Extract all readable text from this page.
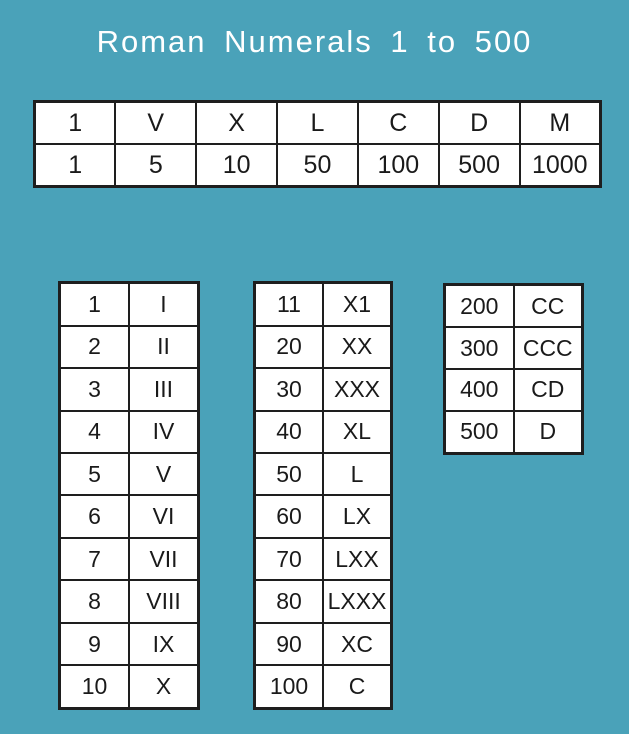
Roman Numerals 1 to 500
1	V	X	L	C	D	M
1	5	10	50	100	500	1000
1	I
2	II
3	III
4	IV
5	V
6	VI
7	VII
8	VIII
9	IX
10	X
11	X1
20	XX
30	XXX
40	XL
50	L
60	LX
70	LXX
80	LXXX
90	XC
100	C
200	CC
300	CCC
400	CD
500	D
